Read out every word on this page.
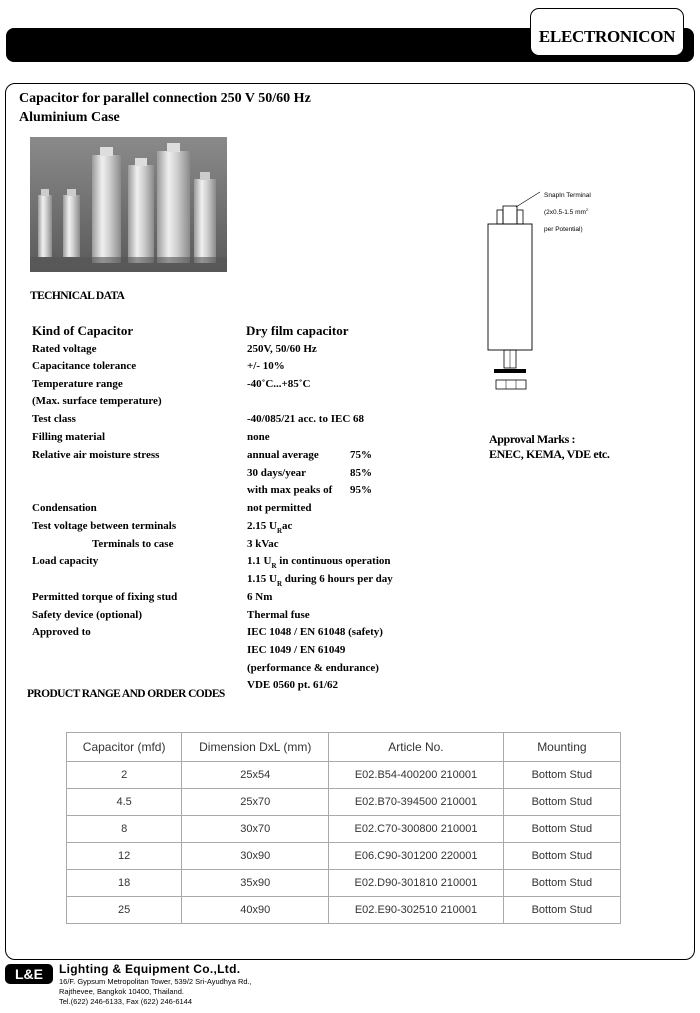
ELECTRONICON
Capacitor for parallel connection 250 V 50/60 Hz
Aluminium Case
TECHNICAL DATA
Kind of Capacitor	Dry film capacitor
Rated voltage	250V, 50/60 Hz
Capacitance tolerance	+/- 10%
Temperature range	-40˚C...+85˚C
(Max. surface temperature)
Test class	-40/085/21 acc. to IEC 68
Filling material	none
Relative air moisture stress	annual average	75%
30 days/year	85%
with max peaks of 95%
Condensation	not permitted
Test voltage between terminals	2.15 $U_Rac$
Terminals to case	3 kVac
Load capacity	1.1 $U_R$ in continuous operation
1.15 $U_R$ during 6 hours per day
Permitted torque of fixing stud	6 Nm
Safety device (optional)	Thermal fuse
Approved to	IEC 1048 / EN 61048 (safety)
IEC 1049 / EN 61049
(performance & endurance)
VDE 0560 pt. 61/62
SnapIn Terminal
(2x0.5-1.5 $mm^2$
per Potential)
Approval Marks :
ENEC, KEMA, VDE etc.
PRODUCT RANGE AND ORDER CODES
Capacitor (mfd)	Dimension DxL (mm)	Article No.	Mounting
2	25x54	E02.B54-400200 210001	Bottom Stud
4.5	25x70	E02.B70-394500 210001	Bottom Stud
8	30x70	E02.C70-300800 210001	Bottom Stud
12	30x90	E06.C90-301200 220001	Bottom Stud
18	35x90	E02.D90-301810 210001	Bottom Stud
25	40x90	E02.E90-302510 210001	Bottom Stud
L&E	Lighting & Equipment Co.,Ltd.
16/F. Gypsum Metropolitan Tower, 539/2 Sri-Ayudhya Rd.,
Rajthevee, Bangkok 10400, Thailand.
Tel.(622) 246-6133, Fax (622) 246-6144
